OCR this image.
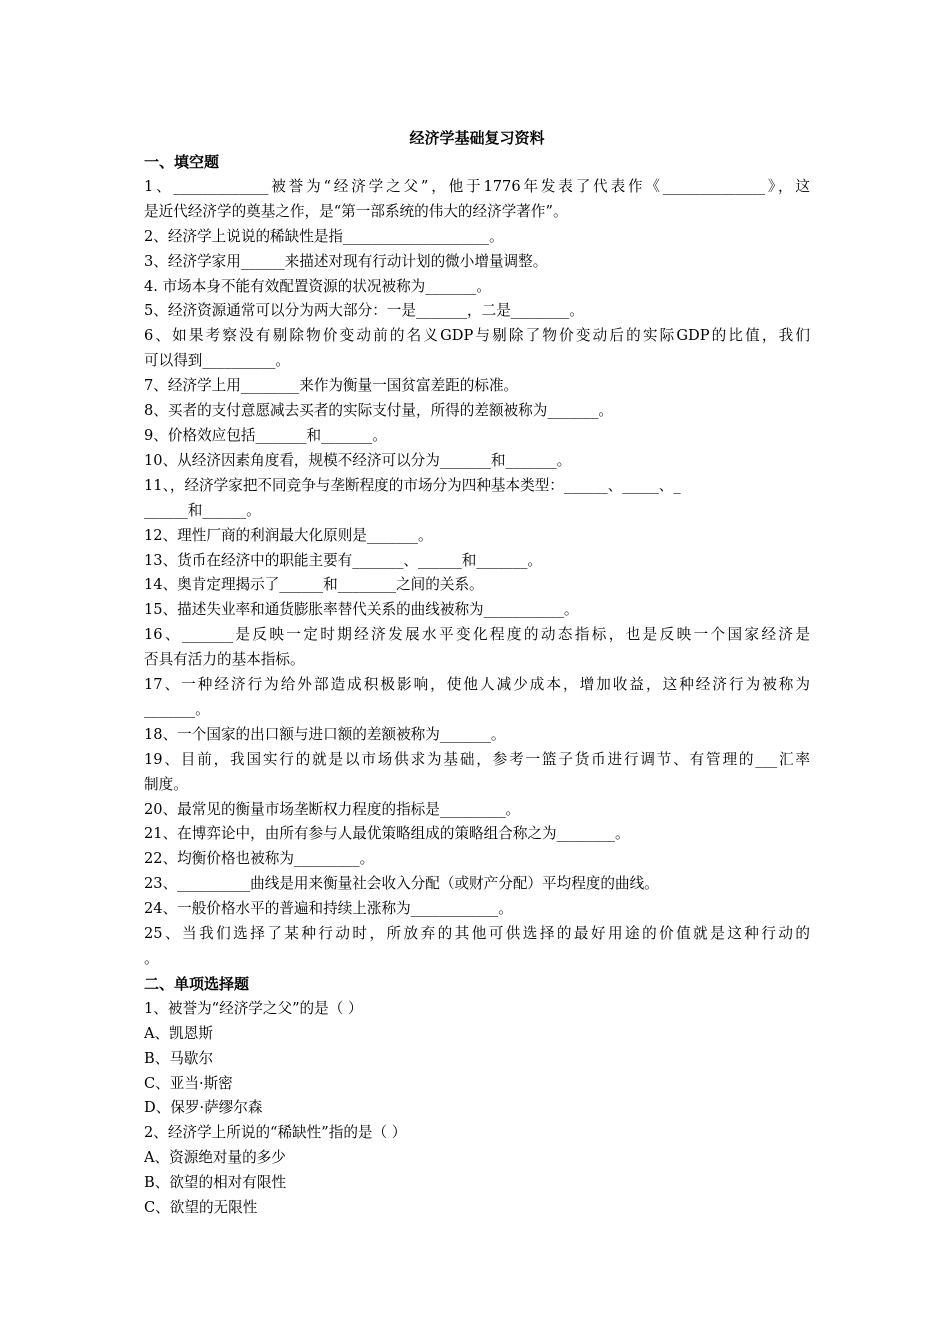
经济学基础复习资料
一、填空题
1、_____________被誉为“经济学之父”，他于1776年发表了代表作《______________》，这
是近代经济学的奠基之作，是“第一部系统的伟大的经济学著作”。
2、经济学上说说的稀缺性是指____________________。
3、经济学家用______来描述对现有行动计划的微小增量调整。
4. 市场本身不能有效配置资源的状况被称为_______。
5、经济资源通常可以分为两大部分：一是_______，二是________。
6、如果考察没有剔除物价变动前的名义GDP与剔除了物价变动后的实际GDP的比值，我们
可以得到__________。
7、经济学上用________来作为衡量一国贫富差距的标准。
8、买者的支付意愿减去买者的实际支付量，所得的差额被称为_______。
9、价格效应包括_______和_______。
10、从经济因素角度看，规模不经济可以分为_______和_______。
11、，经济学家把不同竞争与垄断程度的市场分为四种基本类型：______、_____、_
______和______。
12、理性厂商的利润最大化原则是_______。
13、货币在经济中的职能主要有_______、______和_______。
14、奥肯定理揭示了______和________之间的关系。
15、描述失业率和通货膨胀率替代关系的曲线被称为___________。
16、_______是反映一定时期经济发展水平变化程度的动态指标，也是反映一个国家经济是
否具有活力的基本指标。
17、一种经济行为给外部造成积极影响，使他人减少成本，增加收益，这种经济行为被称为
_______。
18、一个国家的出口额与进口额的差额被称为_______。
19、目前，我国实行的就是以市场供求为基础，参考一篮子货币进行调节、有管理的___汇率
制度。
20、最常见的衡量市场垄断权力程度的指标是_________。
21、在博弈论中，由所有参与人最优策略组成的策略组合称之为________。
22、均衡价格也被称为_________。
23、__________曲线是用来衡量社会收入分配（或财产分配）平均程度的曲线。
24、一般价格水平的普遍和持续上涨称为____________。
25、当我们选择了某种行动时，所放弃的其他可供选择的最好用途的价值就是这种行动的
。
二、单项选择题
1、被誉为“经济学之父”的是（ ）
A、凯恩斯
B、马歇尔
C、亚当·斯密
D、保罗·萨缪尔森
2、经济学上所说的“稀缺性”指的是（ ）
A、资源绝对量的多少
B、欲望的相对有限性
C、欲望的无限性
